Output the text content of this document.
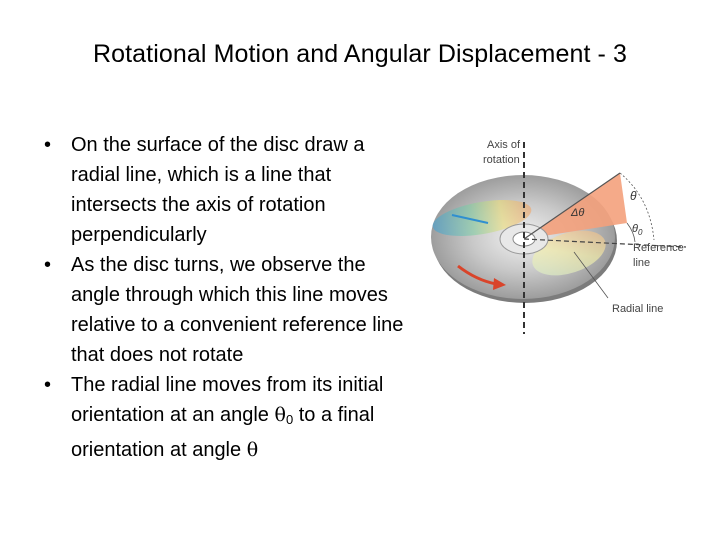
Rotational Motion and Angular Displacement - 3
• On the surface of the disc draw a radial line, which is a line that intersects the axis of rotation perpendicularly
• As the disc turns, we observe the angle through which this line moves relative to a convenient reference line that does not rotate
• The radial line moves from its initial orientation at an angle $\theta_0$ to a final orientation at angle θ
Axis of
rotation
θ
Δθ
$\theta_0$
Reference
line
Radial line
